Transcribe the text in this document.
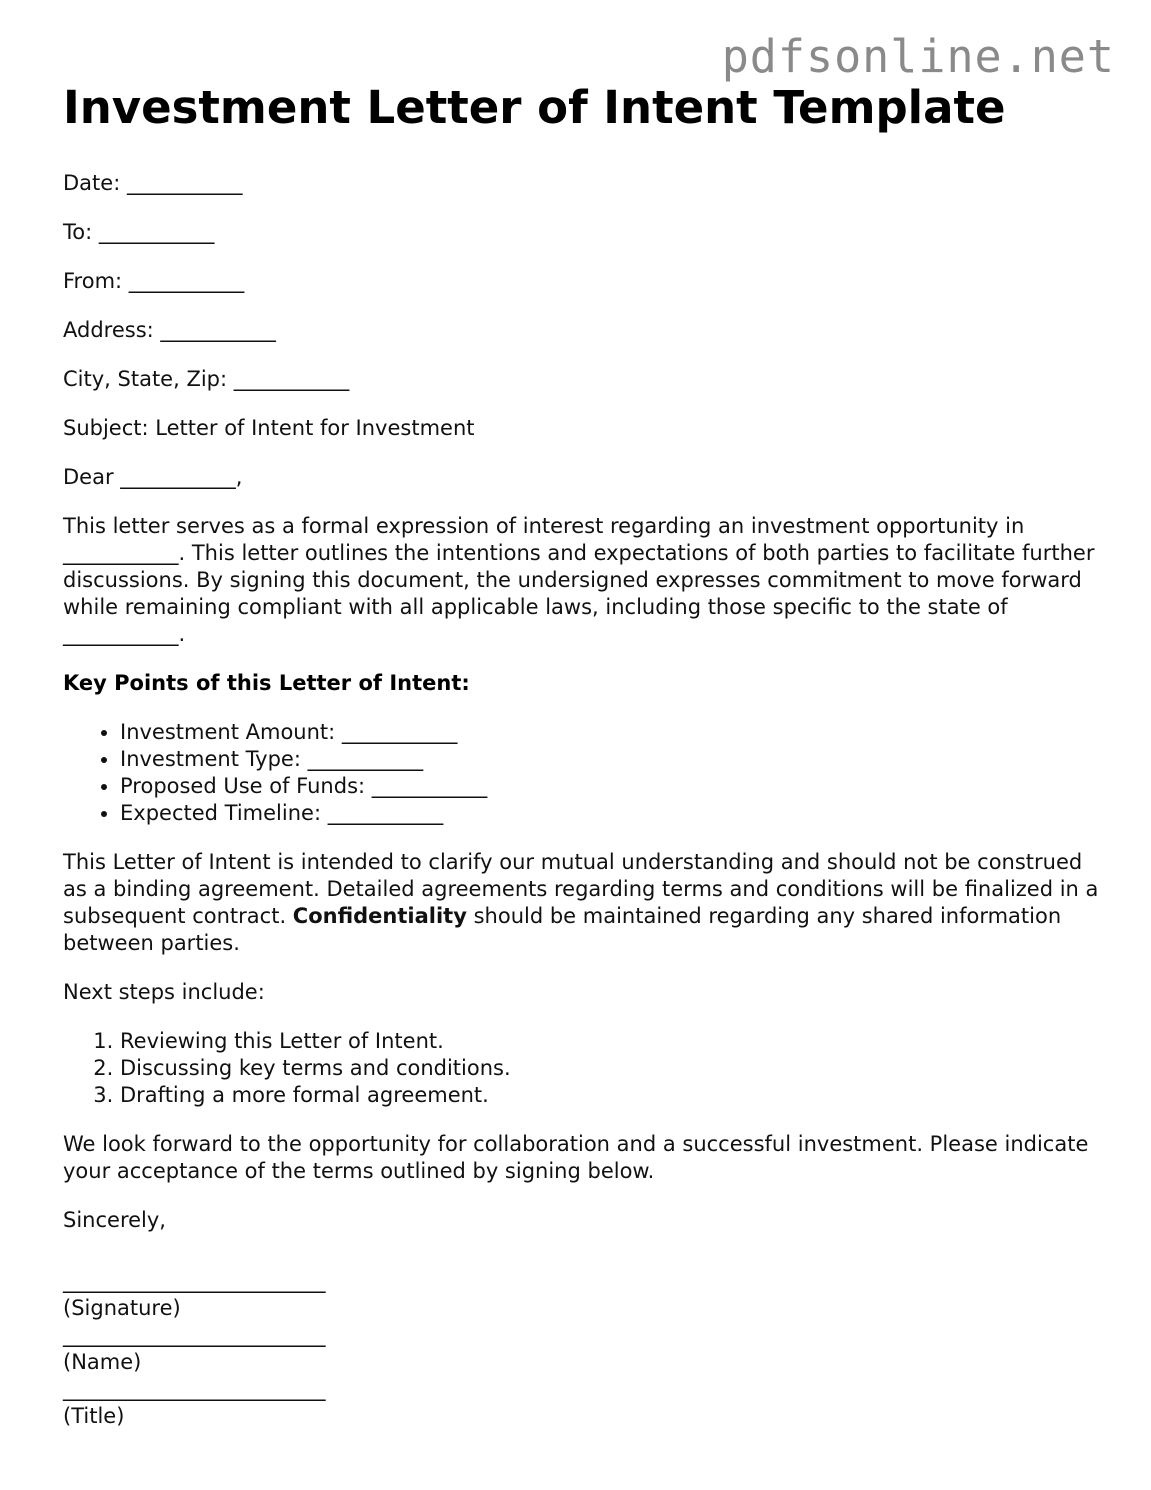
pdfsonline.net
Investment Letter of Intent Template
Date: ___________
To: ___________
From: ___________
Address: ___________
City, State, Zip: ___________
Subject: Letter of Intent for Investment
Dear ___________,

This letter serves as a formal expression of interest regarding an investment opportunity in ___________. This letter outlines the intentions and expectations of both parties to facilitate further discussions. By signing this document, the undersigned expresses commitment to move forward while remaining compliant with all applicable laws, including those specific to the state of ___________.

Key Points of this Letter of Intent:

• Investment Amount: ___________
• Investment Type: ___________
• Proposed Use of Funds: ___________
• Expected Timeline: ___________

This Letter of Intent is intended to clarify our mutual understanding and should not be construed as a binding agreement. Detailed agreements regarding terms and conditions will be finalized in a subsequent contract. Confidentiality should be maintained regarding any shared information between parties.

Next steps include:

1. Reviewing this Letter of Intent.
2. Discussing key terms and conditions.
3. Drafting a more formal agreement.

We look forward to the opportunity for collaboration and a successful investment. Please indicate your acceptance of the terms outlined by signing below.

Sincerely,

_________________________
(Signature)
_________________________
(Name)
_________________________
(Title)
